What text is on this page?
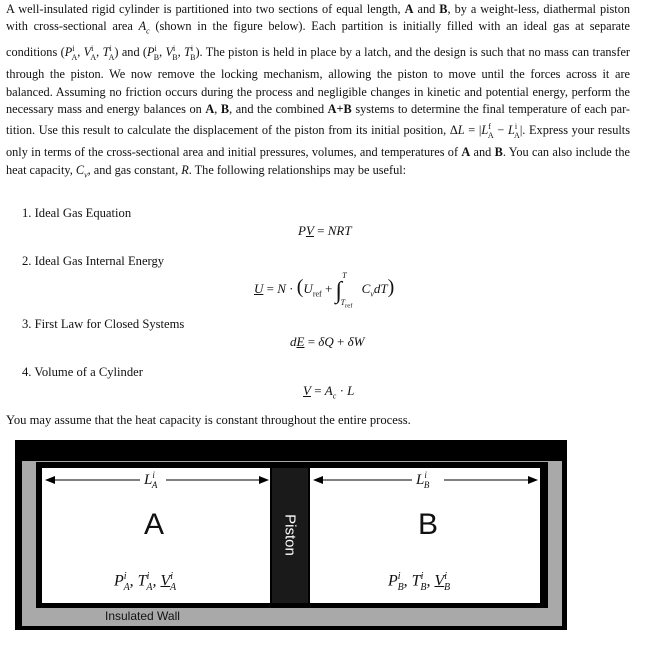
A well-insulated rigid cylinder is partitioned into two sections of equal length, A and B, by a weight-less, diathermal piston with cross-sectional area $A_c$ (shown in the figure below). Each partition is initially filled with an ideal gas at separate conditions ($P^i_A$, $V^i_A$, $T^i_A$) and ($P^i_B$, $V^i_B$, $T^i_B$). The piston is held in place by a latch, and the design is such that no mass can transfer through the piston. We now remove the locking mechanism, allowing the piston to move until the forces across it are balanced. Assuming no friction occurs during the process and negligible changes in kinetic and potential energy, perform the necessary mass and energy balances on A, B, and the combined A+B systems to determine the final temperature of each par-tition. Use this result to calculate the displacement of the piston from its initial position, $\Delta L = |L^f_A - L^i_A|$. Express your results only in terms of the cross-sectional area and initial pressures, volumes, and temperatures of A and B. You can also include the heat capacity, $C_v$, and gas constant, R. The following relationships may be useful:
1. Ideal Gas Equation
PV = NRT
2. Ideal Gas Internal Energy
$U = N \cdot (U_{ref} + \int^T_{T_{ref}}$ $C_vdT$)
3. First Law for Closed Systems
dE = δQ + δW
4. Volume of a Cylinder
$V = A_c \cdot L$
You may assume that the heat capacity is constant throughout the entire process.
Piston
$L^i_A$	$L^i_B$
A	B
$P^i_A$, $T^i_A$, $V^i_A$	$P^i_B$, $T^i_B$, $V^i_B$
Insulated Wall
